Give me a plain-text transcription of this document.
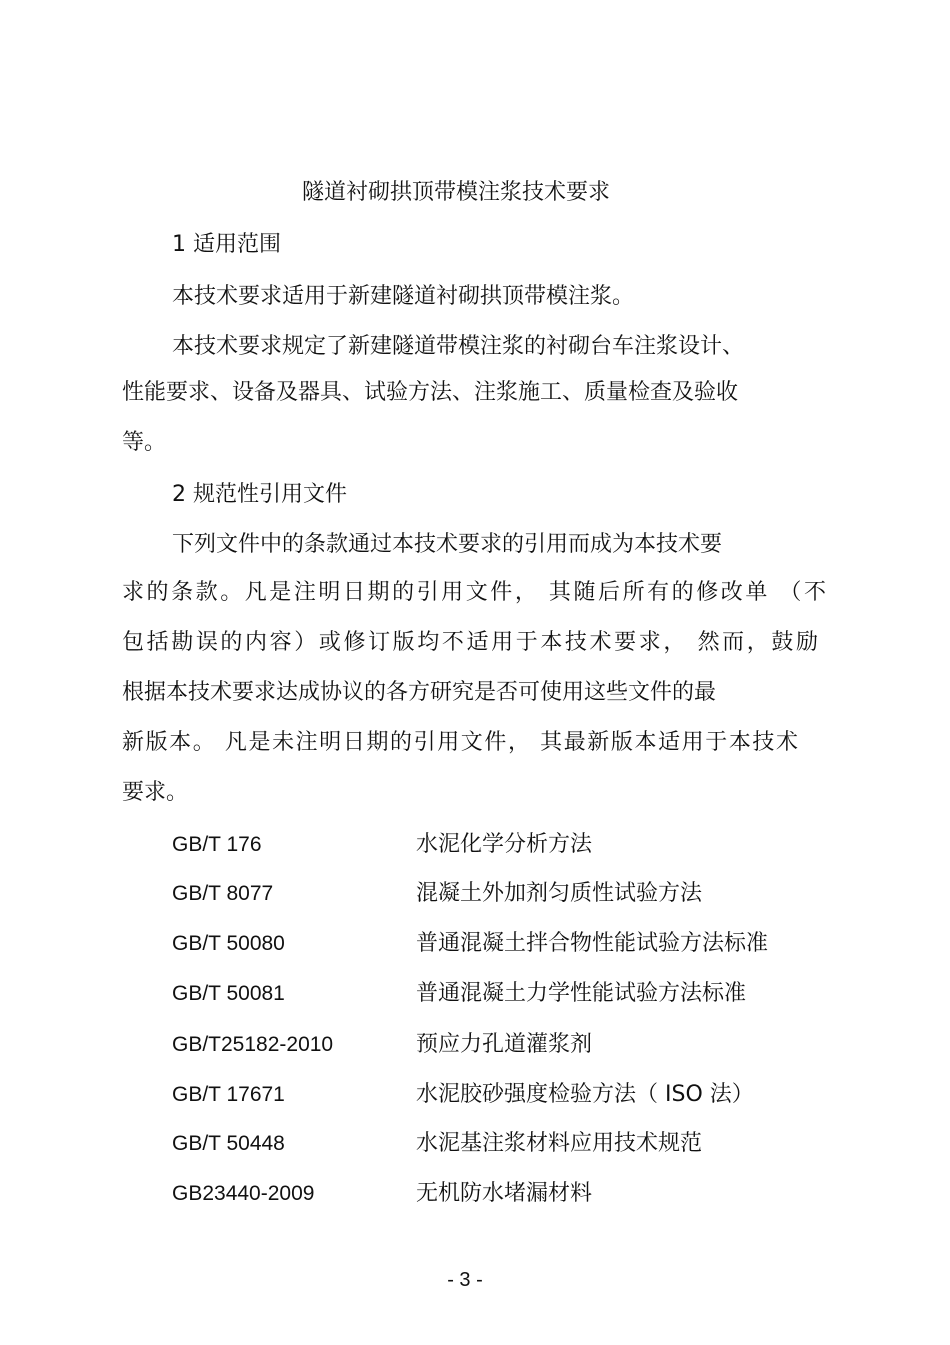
隧道衬砌拱顶带模注浆技术要求
1 适用范围
本技术要求适用于新建隧道衬砌拱顶带模注浆。
本技术要求规定了新建隧道带模注浆的衬砌台车注浆设计、
性能要求、设备及器具、试验方法、注浆施工、质量检查及验收
等。
2 规范性引用文件
下列文件中的条款通过本技术要求的引用而成为本技术要
求的条款。凡是注明日期的引用文件， 其随后所有的修改单 （不
包括勘误的内容）或修订版均不适用于本技术要求， 然而，鼓励
根据本技术要求达成协议的各方研究是否可使用这些文件的最
新版本。 凡是未注明日期的引用文件， 其最新版本适用于本技术
要求。
GB/T 176	水泥化学分析方法
GB/T 8077	混凝土外加剂匀质性试验方法
GB/T 50080	普通混凝土拌合物性能试验方法标准
GB/T 50081	普通混凝土力学性能试验方法标准
GB/T25182-2010	预应力孔道灌浆剂
GB/T 17671	水泥胶砂强度检验方法（ ISO 法）
GB/T 50448	水泥基注浆材料应用技术规范
GB23440-2009	无机防水堵漏材料
- 3 -
